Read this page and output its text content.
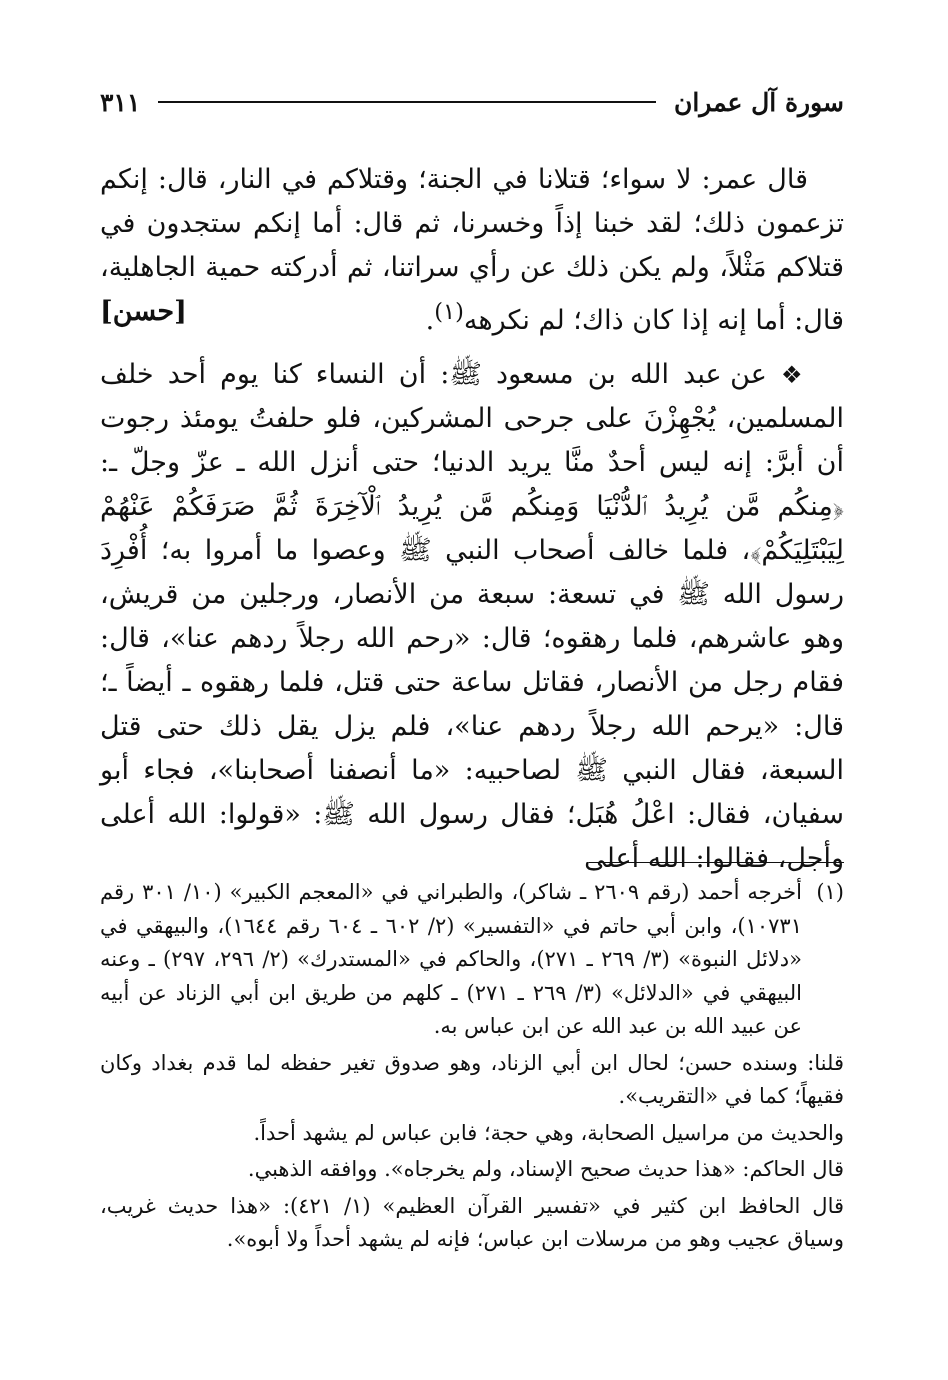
سورة آل عمران
٣١١

قال عمر: لا سواء؛ قتلانا في الجنة؛ وقتلاكم في النار، قال: إنكم تزعمون ذلك؛ لقد خبنا إذاً وخسرنا، ثم قال: أما إنكم ستجدون في قتلاكم مَثْلاً، ولم يكن ذلك عن رأي سراتنا، ثم أدركته حمية الجاهلية، قال: أما إنه إذا كان ذاك؛ لم نكرهه$^{(١)}$.
[حسن]

❖ عن عبد الله بن مسعود ﷺ: أن النساء كنا يوم أحد خلف المسلمين، يُجْهِزْنَ على جرحى المشركين، فلو حلفتُ يومئذ رجوت أن أبرَّ: إنه ليس أحدٌ منَّا يريد الدنيا؛ حتى أنزل الله ـ عزّ وجلّ ـ: ﴿مِنكُم مَّن يُرِيدُ ٱلدُّنْيَا وَمِنكُم مَّن يُرِيدُ ٱلْآخِرَةَ ثُمَّ صَرَفَكُمْ عَنْهُمْ لِيَبْتَلِيَكُمْ﴾، فلما خالف أصحاب النبي ﷺ وعصوا ما أمروا به؛ أُفْرِدَ رسول الله ﷺ في تسعة: سبعة من الأنصار، ورجلين من قريش، وهو عاشرهم، فلما رهقوه؛ قال: «رحم الله رجلاً ردهم عنا»، قال: فقام رجل من الأنصار، فقاتل ساعة حتى قتل، فلما رهقوه ـ أيضاً ـ؛ قال: «يرحم الله رجلاً ردهم عنا»، فلم يزل يقل ذلك حتى قتل السبعة، فقال النبي ﷺ لصاحبيه: «ما أنصفنا أصحابنا»، فجاء أبو سفيان، فقال: اعْلُ هُبَل؛ فقال رسول الله ﷺ: «قولوا: الله أعلى وأجل، فقالوا: الله أعلى

(١)أخرجه أحمد (رقم ٢٦٠٩ ـ شاكر)، والطبراني في «المعجم الكبير» (١٠/ ٣٠١ رقم ١٠٧٣١)، وابن أبي حاتم في «التفسير» (٢/ ٦٠٢ ـ ٦٠٤ رقم ١٦٤٤)، والبيهقي في «دلائل النبوة» (٣/ ٢٦٩ ـ ٢٧١)، والحاكم في «المستدرك» (٢/ ٢٩٦، ٢٩٧) ـ وعنه البيهقي في «الدلائل» (٣/ ٢٦٩ ـ ٢٧١) ـ كلهم من طريق ابن أبي الزناد عن أبيه عن عبيد الله بن عبد الله عن ابن عباس به.

قلنا: وسنده حسن؛ لحال ابن أبي الزناد، وهو صدوق تغير حفظه لما قدم بغداد وكان فقيهاً؛ كما في «التقريب».

والحديث من مراسيل الصحابة، وهي حجة؛ فابن عباس لم يشهد أحداً.

قال الحاكم: «هذا حديث صحيح الإسناد، ولم يخرجاه». ووافقه الذهبي.

قال الحافظ ابن كثير في «تفسير القرآن العظيم» (١/ ٤٢١): «هذا حديث غريب، وسياق عجيب وهو من مرسلات ابن عباس؛ فإنه لم يشهد أحداً ولا أبوه».
